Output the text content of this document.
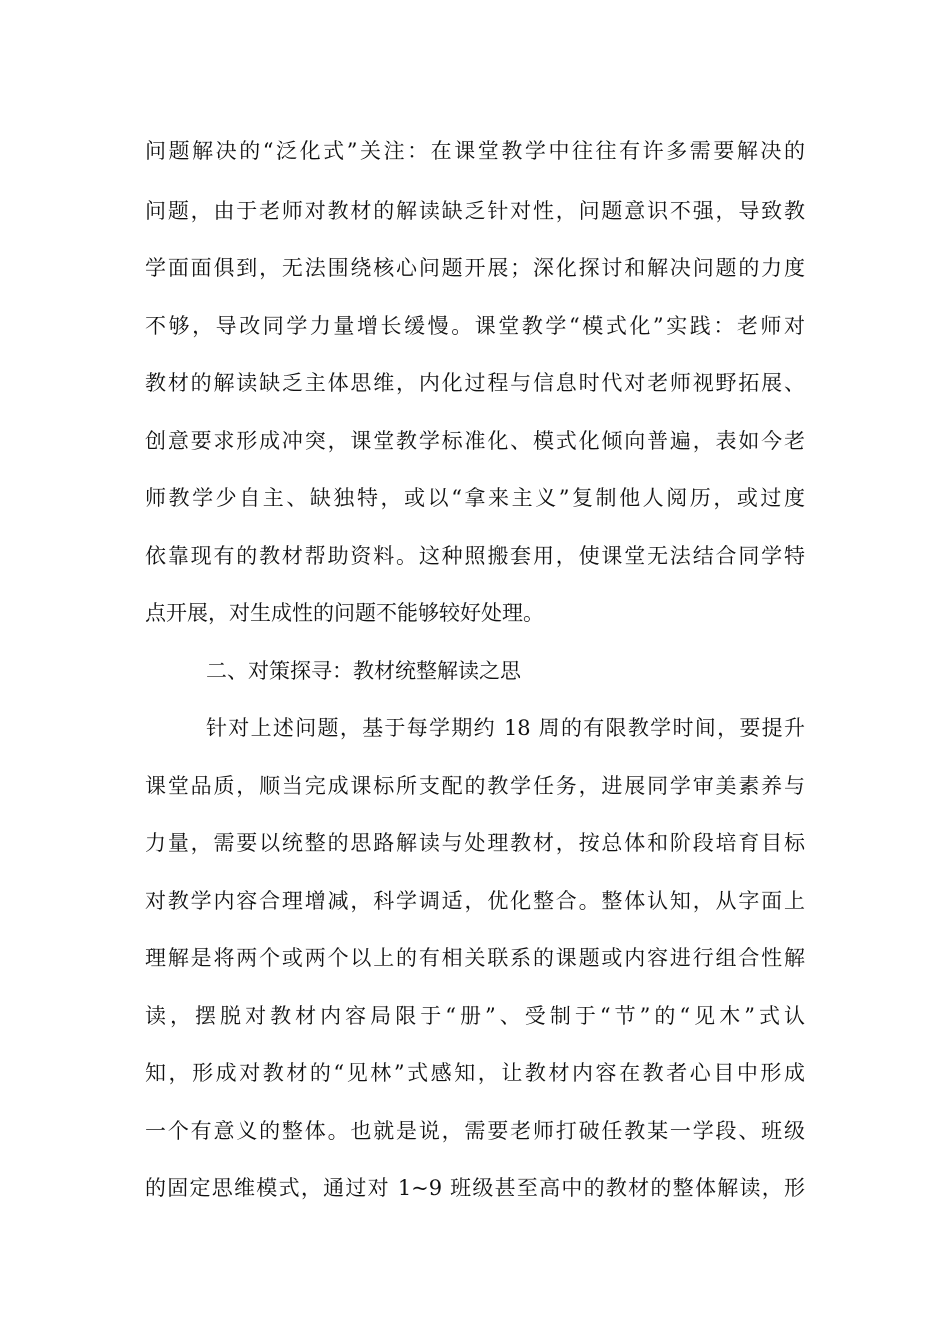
问题解决的“泛化式”关注：在课堂教学中往往有许多需要解决的
问题，由于老师对教材的解读缺乏针对性，问题意识不强，导致教
学面面俱到，无法围绕核心问题开展；深化探讨和解决问题的力度
不够，导改同学力量增长缓慢。课堂教学“模式化”实践：老师对
教材的解读缺乏主体思维，内化过程与信息时代对老师视野拓展、
创意要求形成冲突，课堂教学标准化、模式化倾向普遍，表如今老
师教学少自主、缺独特，或以“拿来主义”复制他人阅历，或过度
依靠现有的教材帮助资料。这种照搬套用，使课堂无法结合同学特
点开展，对生成性的问题不能够较好处理。
二、对策探寻：教材统整解读之思
针对上述问题，基于每学期约 18 周的有限教学时间，要提升
课堂品质，顺当完成课标所支配的教学任务，进展同学审美素养与
力量，需要以统整的思路解读与处理教材，按总体和阶段培育目标
对教学内容合理增减，科学调适，优化整合。整体认知，从字面上
理解是将两个或两个以上的有相关联系的课题或内容进行组合性解
读，摆脱对教材内容局限于“册”、受制于“节”的“见木”式认
知，形成对教材的“见林”式感知，让教材内容在教者心目中形成
一个有意义的整体。也就是说，需要老师打破任教某一学段、班级
的固定思维模式，通过对 1~9 班级甚至高中的教材的整体解读，形
